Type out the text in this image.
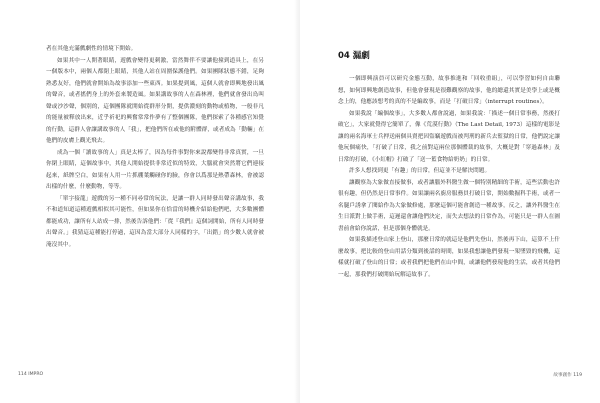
者在其他充滿戲劇性的情境下開始。

如果其中一人開著眼睛，遊戲會變得更刺激，當然舞伴不要讓他撞到道具上，在另一個版本中，兩個人都閉上眼睛，其他人站在周圍保護他們。如果團隊狀態不錯，足夠熟悉友好，他們就會開始為故事添加一些東西。如果提到風，這個人就會即興地發出風的聲音，或者搖們身上的外套來製造風。如果講故事的人在森林裡，他們就會發出鳥叫聲或沙沙聲，個別的，這個團隊就開始從群形分開，提供濃刻的動物或植物，一般非凡的能量被釋放出來，近乎祈祀的興奮常常作夢有了整個團隊，他們探索了各種感官知覺的行動，這群人會讓講故事的人「我」，把他們所在或他的附體群，或者成為「動輛」在他們的皮膚上觀光飛去。

成為一個「讀故事的人」真是太棒了，因為每件事對你來說都變得非常真實，一旦你閉上眼睛，這個故事中，其他人開始提供非常近似的特效，大腦就會突然將它們連接起來，紙牌空白，如果有人用一片抓棚葉觸碰你的臉，你會以爲那是熱帶森林，會被認出樣的什麼，什麼動物，等等。

「單字接龍」遊戲的另一種不同尋常的玩法，是讓一群人同時發出聲音講故事，我不和道知道這種遊戲相似其可能性，但如果你在恰當的時機介紹給他們吧，大多數團體都能成功，讓所有人站成一排，然後告訴他們：「從『我們』這個詞開始，所有人同時發出聲音。」我猜這這種能打停過，這因為當大部分人同樣的字，「出錯」的少數人就會被淹沒其中。

114 IMPRO
04 漏劇

一個即興演員可以研究金態互動，故事推進和「回收重組」，可以學習如何自由聯想，如何即興地創造故事，但他會發現是很難觀察的故事，他的總還其實是美學上或是概念上的，他應該想考的真的不是編故事，而是「打破日常」（interrupt routines）。

如果我說「編個故事」，大多數人都會說過，如果我說：「描述一個日常事務，然後打破它」，大家就覺得它簡單了，像《荒漠行動》（The Last Detail, 1973）這樣的電影是讓的兩名海軍士兵押送兩個具賣把因盜竊遊戲而被判刑的新兵去監獄的日常，他們說定讓他玩個痛快，「打破了日常，我之前對這兩位那個體裁的故事，大概是對「穿過森林」及日常的打破，《小紅帽》打破了「送一籃食物給奶奶」的日常。

許多人想找到更「有趣」的日常，但這並不是解決問題。

讓觀察為大象做直接做事，或者讓腦外科醫生做一個特別精細的手術，這些活動也許很有趣，但仍然是日常事件。如果讓兩名廚房服務員打破日常，開始數掘科手術，或者一名腿戶誘拿了閱給作為大象做修處，那麼這個可能會創造一種故事，反之，讓外科醫生在生日派對上做手術，這遲還會讓他們決定，而失去想法的日常作為，可能只是一群人在圖書前會給你說話，但是那個身體就是。

如果我描述登山家上登山，那麼日常的就這是他們先登山，然後再下山，這算不上什麼故事，把比較的登山用話分類到後話的時間，如果我想讓他們發現一架墜毀的飛機，這樣就打破了登山的日常；或者我們把他們在山中間，或讓他們發現他的生活，或者其他們一起，那我們打破開始玩解這故事了。

故事創作 119
